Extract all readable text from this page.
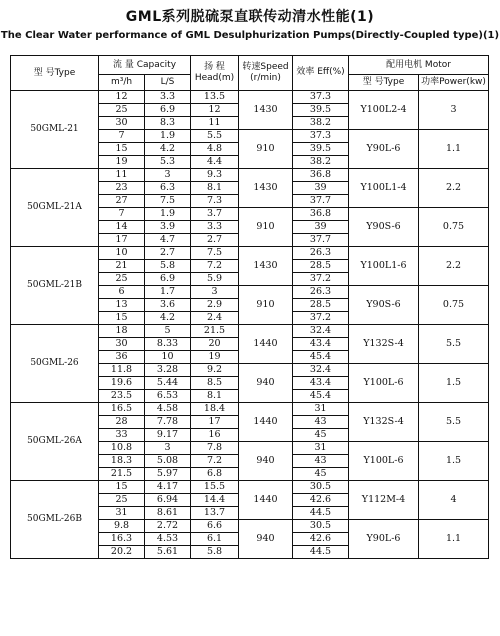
GML系列脱硫泵直联传动清水性能(1)
The Clear Water performance of GML Desulphurization Pumps(Directly-Coupled type)(1)
型 号Type	流 量 Capacity		扬 程 Head(m)	转速Speed (r/min)	效率 Eff(%)	配用电机 Motor	
	m³/h	L/S				型 号Type	功率Power(kw)
50GML-21	12	3.3	13.5	1430	37.3	Y100L2-4	3
	25	6.9	12		39.5		
	30	8.3	11		38.2		
	7	1.9	5.5	910	37.3	Y90L-6	1.1
	15	4.2	4.8		39.5		
	19	5.3	4.4		38.2		
50GML-21A	11	3	9.3	1430	36.8	Y100L1-4	2.2
	23	6.3	8.1		39		
	27	7.5	7.3		37.7		
	7	1.9	3.7	910	36.8	Y90S-6	0.75
	14	3.9	3.3		39		
	17	4.7	2.7		37.7		
50GML-21B	10	2.7	7.5	1430	26.3	Y100L1-6	2.2
	21	5.8	7.2		28.5		
	25	6.9	5.9		37.2		
	6	1.7	3	910	26.3	Y90S-6	0.75
	13	3.6	2.9		28.5		
	15	4.2	2.4		37.2		
50GML-26	18	5	21.5	1440	32.4	Y132S-4	5.5
	30	8.33	20		43.4		
	36	10	19		45.4		
	11.8	3.28	9.2	940	32.4	Y100L-6	1.5
	19.6	5.44	8.5		43.4		
	23.5	6.53	8.1		45.4		
50GML-26A	16.5	4.58	18.4	1440	31	Y132S-4	5.5
	28	7.78	17		43		
	33	9.17	16		45		
	10.8	3	7.8	940	31	Y100L-6	1.5
	18.3	5.08	7.2		43		
	21.5	5.97	6.8		45		
50GML-26B	15	4.17	15.5	1440	30.5	Y112M-4	4
	25	6.94	14.4		42.6		
	31	8.61	13.7		44.5		
	9.8	2.72	6.6	940	30.5	Y90L-6	1.1
	16.3	4.53	6.1		42.6		
	20.2	5.61	5.8		44.5		
